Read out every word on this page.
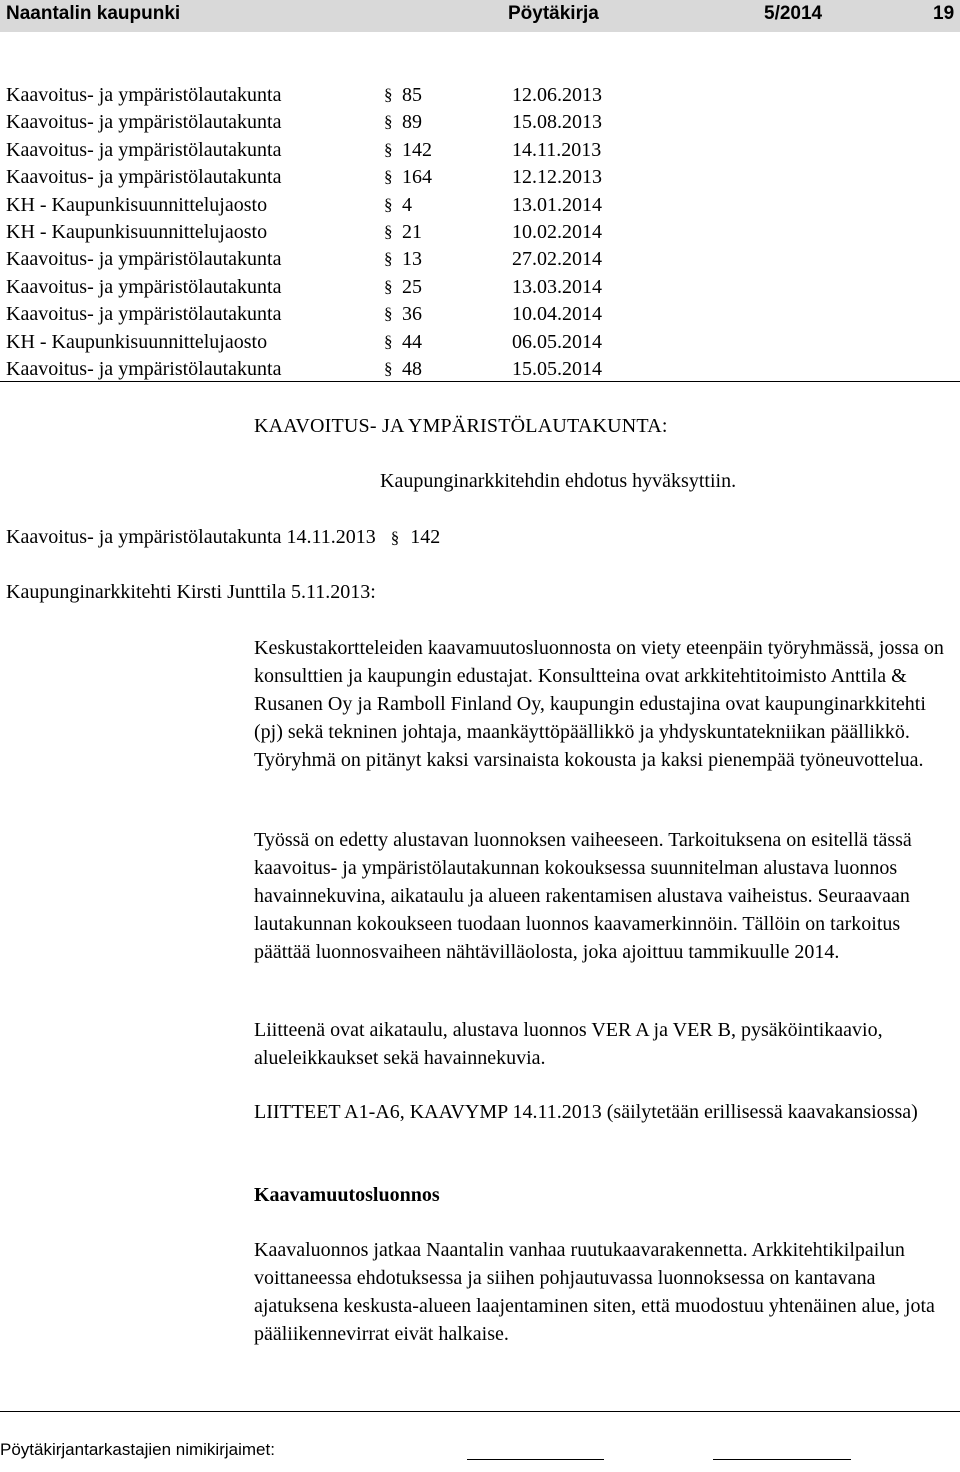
Naantalin kaupunki	Pöytäkirja	5/2014	19
Kaavoitus- ja ympäristölautakunta	§ 85	12.06.2013
Kaavoitus- ja ympäristölautakunta	§ 89	15.08.2013
Kaavoitus- ja ympäristölautakunta	§ 142	14.11.2013
Kaavoitus- ja ympäristölautakunta	§ 164	12.12.2013
KH - Kaupunkisuunnittelujaosto	§ 4	13.01.2014
KH - Kaupunkisuunnittelujaosto	§ 21	10.02.2014
Kaavoitus- ja ympäristölautakunta	§ 13	27.02.2014
Kaavoitus- ja ympäristölautakunta	§ 25	13.03.2014
Kaavoitus- ja ympäristölautakunta	§ 36	10.04.2014
KH - Kaupunkisuunnittelujaosto	§ 44	06.05.2014
Kaavoitus- ja ympäristölautakunta	§ 48	15.05.2014
KAAVOITUS- JA YMPÄRISTÖLAUTAKUNTA:
Kaupunginarkkitehdin ehdotus hyväksyttiin.
Kaavoitus- ja ympäristölautakunta 14.11.2013 § 142
Kaupunginarkkitehti Kirsti Junttila 5.11.2013:

Keskustakortteleiden kaavamuutosluonnosta on viety eteenpäin työryhmässä, jossa on konsulttien ja kaupungin edustajat. Konsultteina ovat arkkitehtitoimisto Anttila & Rusanen Oy ja Ramboll Finland Oy, kaupungin edustajina ovat kaupunginarkkitehti (pj) sekä tekninen johtaja, maankäyttöpäällikkö ja yhdyskuntatekniikan päällikkö. Työryhmä on pitänyt kaksi varsinaista kokousta ja kaksi pienempää työneuvottelua.

Työssä on edetty alustavan luonnoksen vaiheeseen. Tarkoituksena on esitellä tässä kaavoitus- ja ympäristölautakunnan kokouksessa suunnitelman alustava luonnos havainnekuvina, aikataulu ja alueen rakentamisen alustava vaiheistus. Seuraavaan lautakunnan kokoukseen tuodaan luonnos kaavamerkinnöin. Tällöin on tarkoitus päättää luonnosvaiheen nähtävilläolosta, joka ajoittuu tammikuulle 2014.

Liitteenä ovat aikataulu, alustava luonnos VER A ja VER B, pysäköintikaavio, alueleikkaukset sekä havainnekuvia.

LIITTEET A1-A6, KAAVYMP 14.11.2013 (säilytetään erillisessä kaavakansiossa)

Kaavamuutosluonnos

Kaavaluonnos jatkaa Naantalin vanhaa ruutukaavarakennetta. Arkkitehtikilpailun voittaneessa ehdotuksessa ja siihen pohjautuvassa luonnoksessa on kantavana ajatuksena keskusta-alueen laajentaminen siten, että muodostuu yhtenäinen alue, jota pääliikennevirrat eivät halkaise.

Pöytäkirjantarkastajien nimikirjaimet:
